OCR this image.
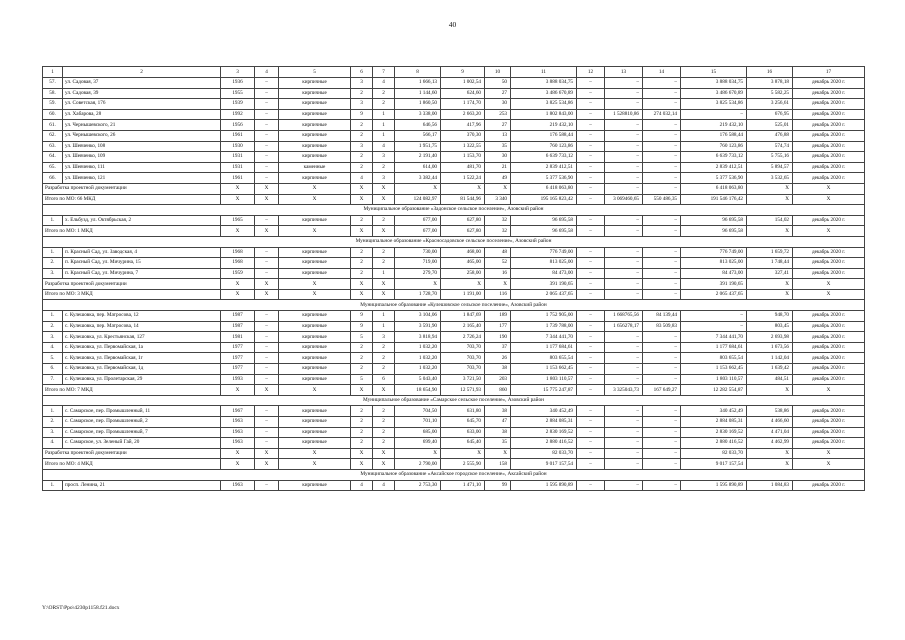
40
1	2	3	4	5	6	7	8	9	10	11	12	13	14	15	16	17
57.	ул. Садовая, 37	1936	–	кирпичные	3	4	1 666,13	1 002,54	50	3 888 034,75	–	–	–	3 888 034,75	3 878,18	декабрь 2020 г.
58.	ул. Садовая, 39	1955	–	кирпичные	2	2	1 144,60	624,60	27	3 486 670,89	–	–	–	3 486 670,89	5 582,25	декабрь 2020 г.
59.	ул. Советская, 176	1939	–	кирпичные	3	2	1 860,50	1 174,70	30	3 825 534,86	–	–	–	3 825 534,86	3 256,61	декабрь 2020 г.
60.	ул. Хабарова, 28	1992	–	кирпичные	9	1	3 338,00	2 663,20	253	1 802 843,00	–	1 528810,86	274 032,14	–	676,95	декабрь 2020 г.
61.	ул. Чернышевского, 21	1956	–	кирпичные	2	1	646,56	417,96	27	219 432,10	–	–	–	219 432,10	525,01	декабрь 2020 г.
62.	ул. Чернышевского, 26	1961	–	кирпичные	2	1	566,17	370,30	13	176 588,44	–	–	–	176 588,44	476,88	декабрь 2020 г.
63.	ул. Шевченко, 108	1930	–	кирпичные	3	4	1 951,75	1 322,55	35	760 123,86	–	–	–	760 123,86	574,74	декабрь 2020 г.
64.	ул. Шевченко, 109	1931	–	кирпичные	2	3	2 191,40	1 153,70	30	6 639 733,12	–	–	–	6 639 733,12	5 755,16	декабрь 2020 г.
65.	ул. Шевченко, 111	1931	–	каменные	2	2	614,00	481,70	21	2 839 412,51	–	–	–	2 839 412,51	5 894,57	декабрь 2020 г.
66.	ул. Шевченко, 121	1961	–	кирпичные	4	3	3 382,44	1 522,24	49	5 377 536,90	–	–	–	5 377 536,90	3 532,65	декабрь 2020 г.
Разработка проектной документации		Х	Х	Х	Х	Х	Х	Х	Х	6 418 063,80	–	–	–	6 418 063,80	Х	Х
Итого по МО: 66 МКД		Х	Х	Х	Х	Х	124 082,97	81 544,96	3 340	195 165 823,42	–	3 069460,65	550 486,35	191 546 176,42	Х	Х
Муниципальное образование «Задонское сельское поселение», Азовский район																
1.	х. Ельбузд, ул. Октябрьская, 2	1965	–	кирпичные	2	2	677,00	627,80	32	96 695,58	–	–	–	96 695,58	154,02	декабрь 2020 г.
Итого по МО: 1 МКД		Х	Х	Х	Х	Х	677,00	627,80	32	96 695,58	–	–	–	96 695,58	Х	Х
Муниципальное образование «Красносадовское сельское поселение», Азовский район																
1.	п. Красный Сад, ул. Заводская, 4	1968	–	кирпичные	2	2	730,00	468,00	48	776 749,00	–	–	–	776 749,00	1 659,72	декабрь 2020 г.
2.	п. Красный Сад, ул. Мичурина, 15	1968	–	кирпичные	2	2	719,00	465,00	52	813 025,00	–	–	–	813 025,00	1 748,44	декабрь 2020 г.
3.	п. Красный Сад, ул. Мичурина, 7	1959	–	кирпичные	2	1	279,70	258,00	16	84 473,00	–	–	–	84 473,00	327,41	декабрь 2020 г.
Разработка проектной документации		Х	Х	Х	Х	Х	Х	Х	Х	391 190,65	–	–	–	391 190,65	Х	Х
Итого по МО: 3 МКД		Х	Х	Х	Х	Х	1 728,70	1 191,00	116	2 065 437,65	–	–	–	2 065 437,65	Х	Х
Муниципальное образование «Кулешовское сельское поселение», Азовский район																
1.	с. Кулешовка, пер. Матросова, 12	1987	–	кирпичные	9	1	3 104,06	1 847,69	189	1 752 905,00	–	1 668765,56	84 139,44	–	948,70	декабрь 2020 г.
2.	с. Кулешовка, пер. Матросова, 14	1987	–	кирпичные	9	1	3 591,90	2 165,40	177	1 739 788,00	–	1 656278,17	83 509,83	–	803,45	декабрь 2020 г.
3.	с. Кулешовка, ул. Крестьянская, 127	1981	–	кирпичные	5	3	3 818,94	2 726,24	190	7 344 441,70	–	–	–	7 344 441,70	2 693,98	декабрь 2020 г.
4.	с. Кулешовка, ул. Первомайская, 1а	1977	–	кирпичные	2	2	1 032,20	703,70	37	1 177 684,61	–	–	–	1 177 684,61	1 673,56	декабрь 2020 г.
5.	с. Кулешовка, ул. Первомайская, 1г	1977	–	кирпичные	2	2	1 032,20	703,70	26	803 655,54	–	–	–	803 655,54	1 142,04	декабрь 2020 г.
6.	с. Кулешовка, ул. Первомайская, 1д	1977	–	кирпичные	2	2	1 032,20	703,70	38	1 153 662,45	–	–	–	1 153 662,45	1 639,42	декабрь 2020 г.
7.	с. Кулешовка, ул. Пролетарская, 29	1993	–	кирпичные	5	6	5 043,40	3 721,50	203	1 803 110,57	–	–	–	1 803 110,57	484,51	декабрь 2020 г.
Итого по МО: 7 МКД		Х	Х	Х	Х	Х	18 654,90	12 571,93	860	15 775 247,87	–	3 325043,73	167 649,27	12 282 554,87	Х	Х
Муниципальное образование «Самарское сельское поселение», Азовский район																
1.	с. Самарское, пер. Промышленный, 11	1967	–	кирпичные	2	2	704,50	631,80	38	340 452,49	–	–	–	340 452,49	538,86	декабрь 2020 г.
2.	с. Самарское, пер. Промышленный, 2	1963	–	кирпичные	2	2	701,10	645,70	47	2 884 085,31	–	–	–	2 884 085,31	4 466,60	декабрь 2020 г.
3.	с. Самарское, пер. Промышленный, 7	1963	–	кирпичные	2	2	685,00	633,00	38	2 830 169,52	–	–	–	2 830 169,52	4 471,04	декабрь 2020 г.
4.	с. Самарское, ул. Зеленый Гай, 20	1963	–	кирпичные	2	2	699,40	645,40	35	2 880 416,52	–	–	–	2 880 416,52	4 462,99	декабрь 2020 г.
Разработка проектной документации		Х	Х	Х	Х	Х	Х	Х	Х	82 033,70	–	–	–	82 033,70	Х	Х
Итого по МО: 4 МКД		Х	Х	Х	Х	Х	2 790,00	2 555,90	158	9 017 157,54	–	–	–	9 017 157,54	Х	Х
Муниципальное образование «Аксайское городское поселение», Аксайский район																
1.	просп. Ленина, 21	1963	–	кирпичные	4	4	2 753,30	1 471,10	99	1 595 890,89	–	–	–	1 595 890,89	1 084,83	декабрь 2020 г.
Y:\ORST\Ppo\4230p1158.f21.docx
